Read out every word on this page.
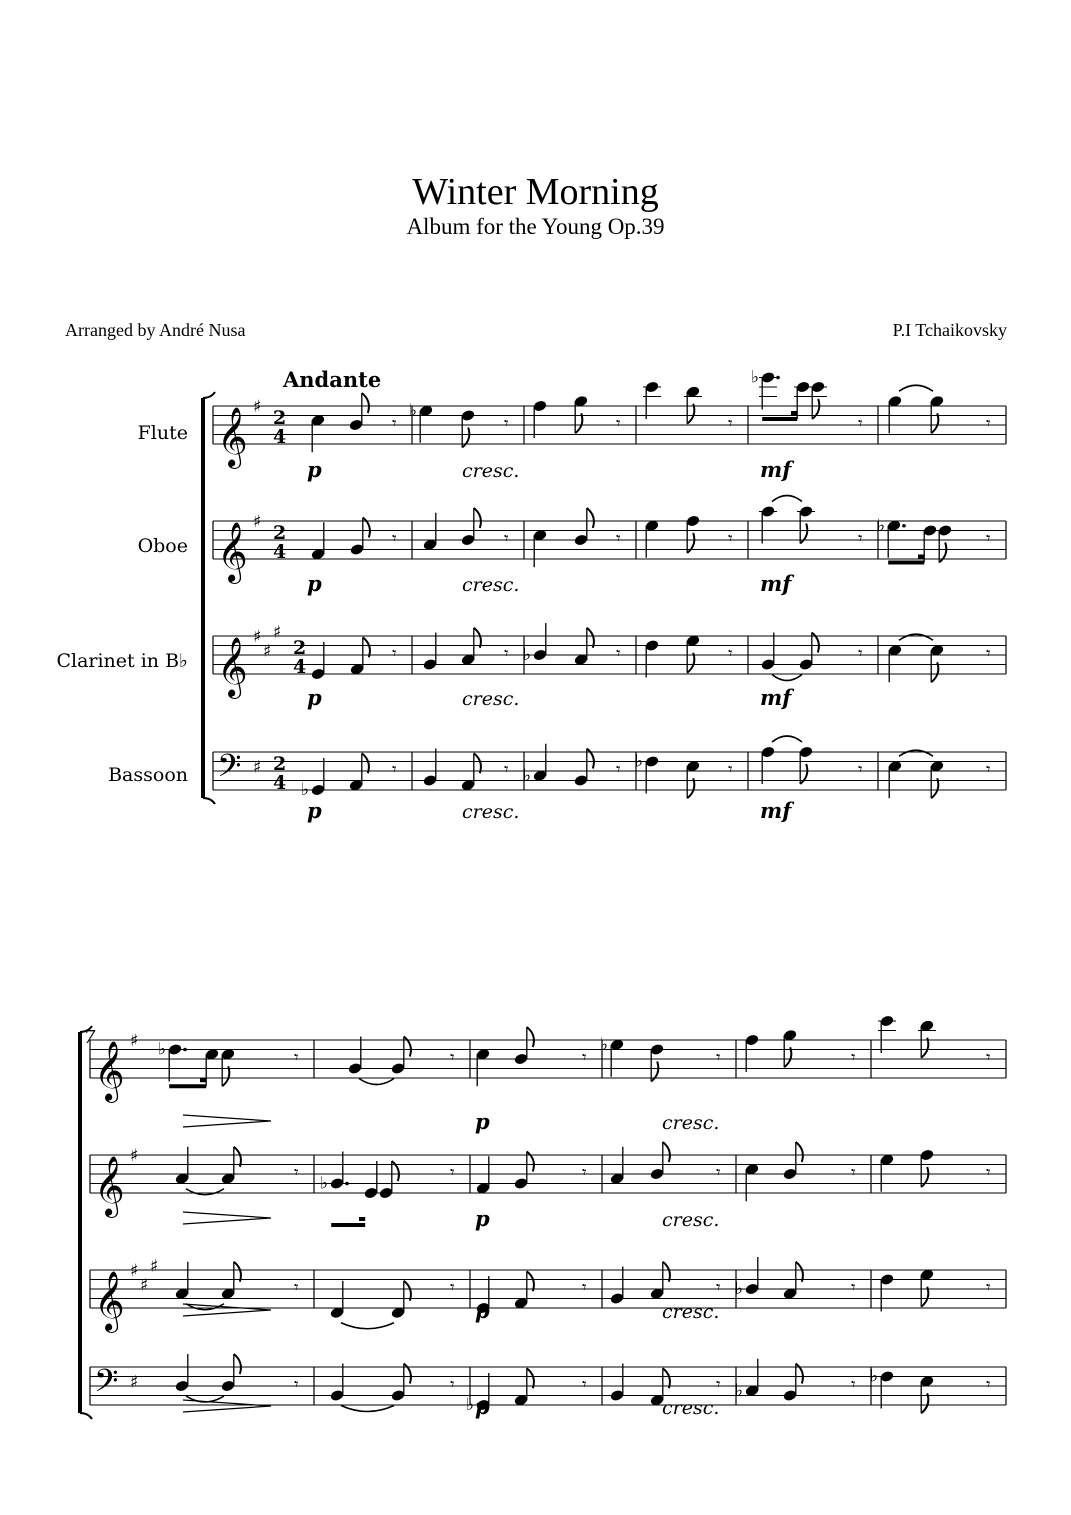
Winter Morning
Album for the Young Op.39
Arranged by André Nusa	P.I Tchaikovsky
Andante
Flute
Oboe
Clarinet in B♭
Bassoon
7
𝄞 ♯
2
4
𝄾
♭
𝄾	𝄾	𝄾
♭
𝄾	𝄾
𝄞 ♯
2
4
𝄾	𝄾	𝄾	𝄾	𝄾
♭
𝄾
𝄞 ♯
♯
♯
2
4
𝄾	𝄾 ♭	𝄾	𝄾	𝄾	𝄾
𝄢 ♯ 2
4 ♭
𝄾	𝄾 ♭	𝄾 ♭	𝄾	𝄾	𝄾
𝄞 ♯ ♭	𝄾	𝄾	𝄾
♭
𝄾	𝄾	𝄾
𝄞 ♯
𝄾
♭
𝄾	𝄾	𝄾	𝄾	𝄾
𝄞 ♯
♯
♯
𝄾	𝄾	𝄾	𝄾 ♭	𝄾	𝄾
𝄢 ♯	𝄾	𝄾
♭
𝄾	𝄾 ♭	𝄾 ♭	𝄾
p	cresc.	mf
p	cresc.	mf
p	cresc.	mf
p	cresc.	mf
p	cresc.
p	cresc.
p	cresc.
p	cresc.
